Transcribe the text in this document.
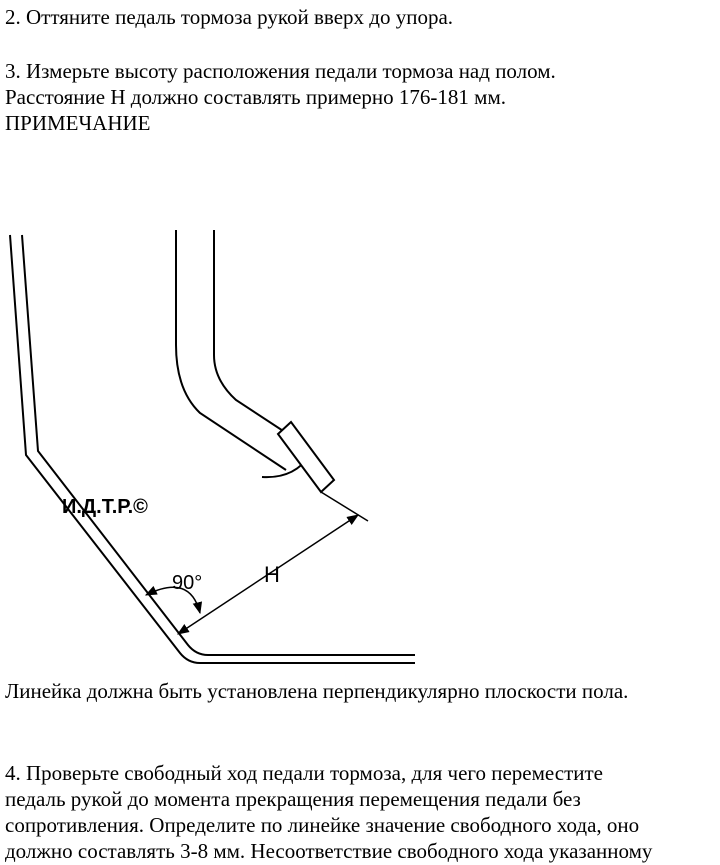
2. Оттяните педаль тормоза рукой вверх до упора.
3. Измерьте высоту расположения педали тормоза над полом.
Расстояние H должно составлять примерно 176-181 мм.
ПРИМЕЧАНИЕ
И.Д.Т.Р.©
90°	H
Линейка должна быть установлена перпендикулярно плоскости пола.
4. Проверьте свободный ход педали тормоза, для чего переместите
педаль рукой до момента прекращения перемещения педали без
сопротивления. Определите по линейке значение свободного хода, оно
должно составлять 3-8 мм. Несоответствие свободного хода указанному
